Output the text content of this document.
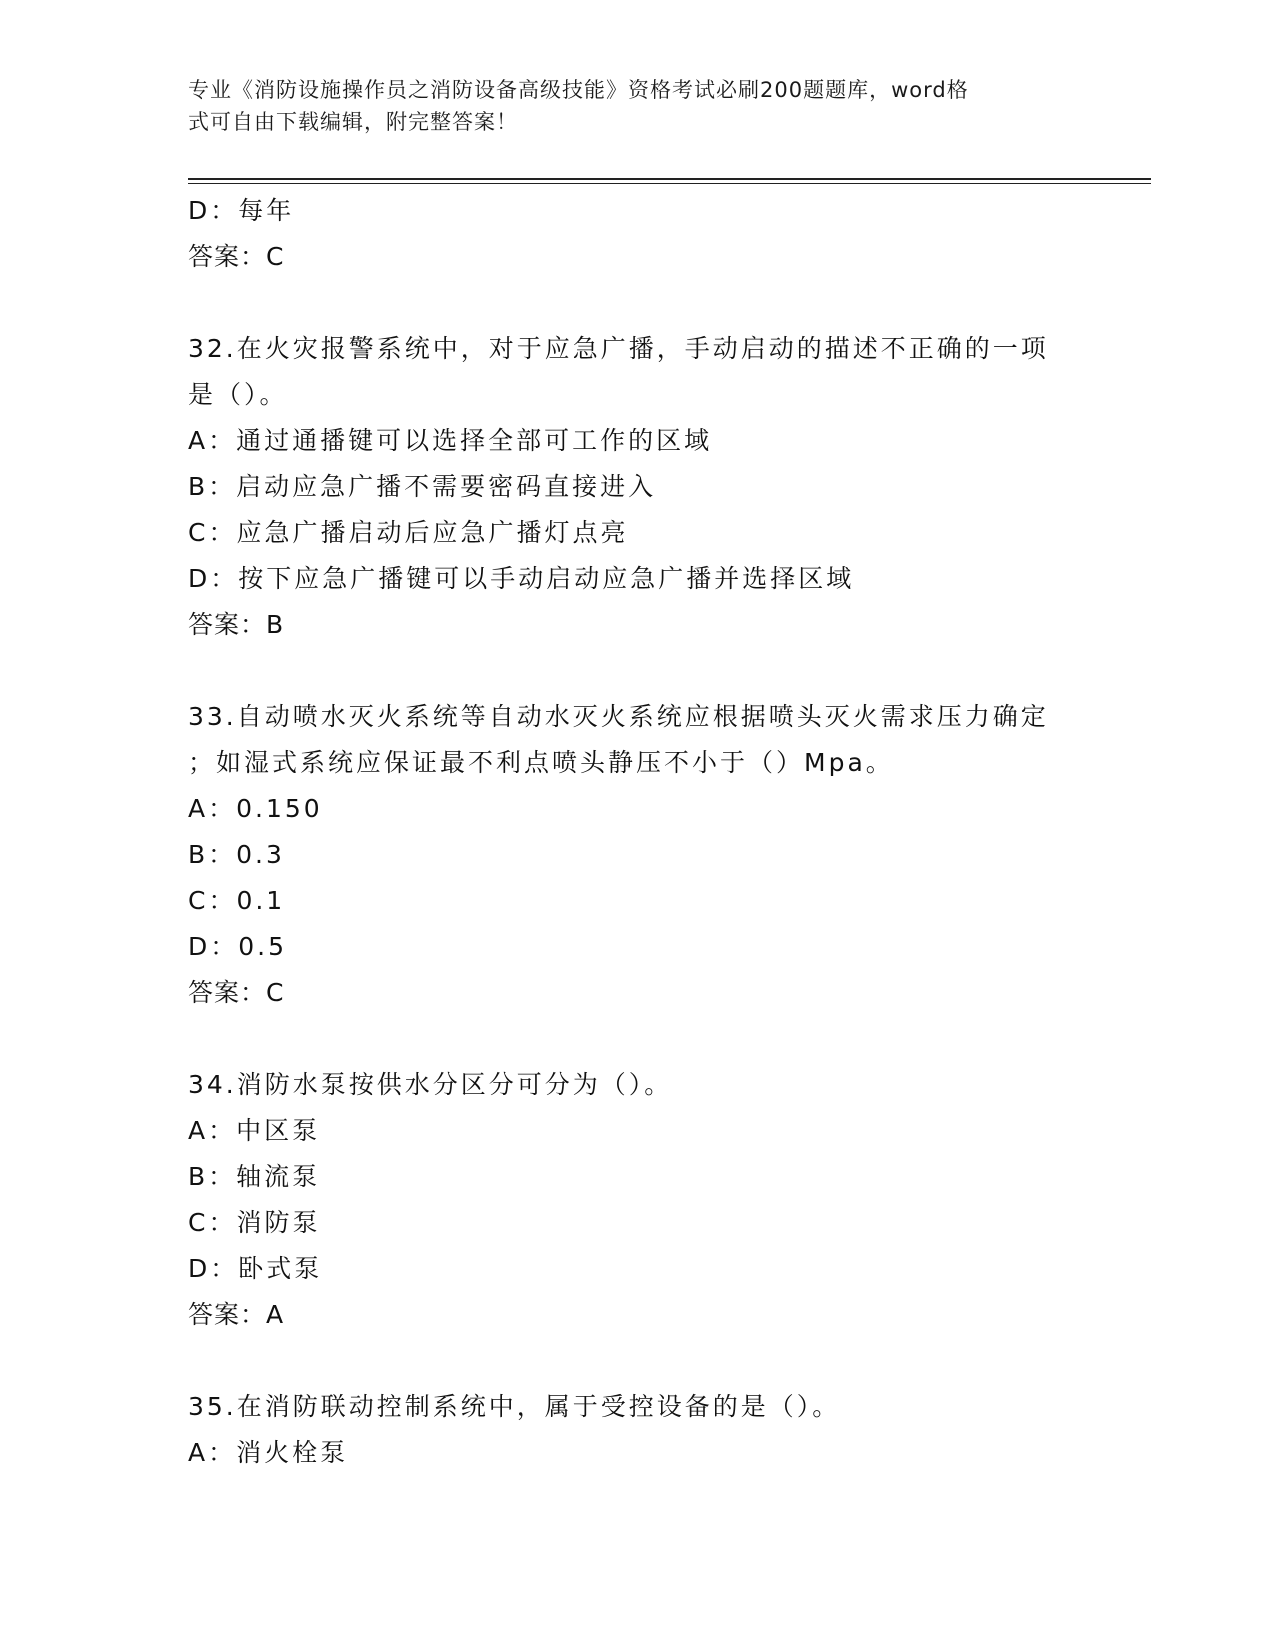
专业《消防设施操作员之消防设备高级技能》资格考试必刷200题题库，word格
式可自由下载编辑，附完整答案！
D：每年
答案：C
32.在火灾报警系统中，对于应急广播，手动启动的描述不正确的一项
是（）。
A：通过通播键可以选择全部可工作的区域
B：启动应急广播不需要密码直接进入
C：应急广播启动后应急广播灯点亮
D：按下应急广播键可以手动启动应急广播并选择区域
答案：B
33.自动喷水灭火系统等自动水灭火系统应根据喷头灭火需求压力确定
；如湿式系统应保证最不利点喷头静压不小于（）Mpa。
A：0.150
B：0.3
C：0.1
D：0.5
答案：C
34.消防水泵按供水分区分可分为（）。
A：中区泵
B：轴流泵
C：消防泵
D：卧式泵
答案：A
35.在消防联动控制系统中，属于受控设备的是（）。
A：消火栓泵
